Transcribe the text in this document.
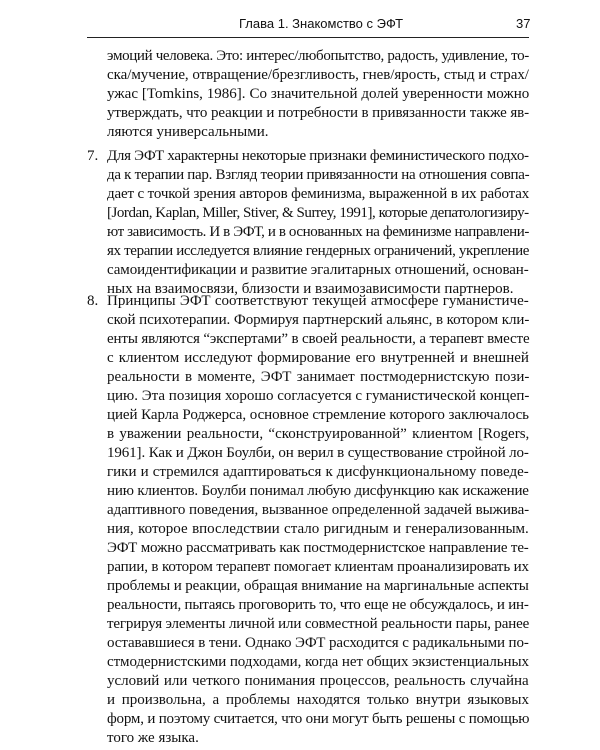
Глава 1. Знакомство с ЭФТ	37
эмоций человека. Это: интерес/любопытство, радость, удивление, то-
ска/мучение, отвращение/брезгливость, гнев/ярость, стыд и страх/
ужас [Tomkins, 1986]. Со значительной долей уверенности можно
утверждать, что реакции и потребности в привязанности также яв-
ляются универсальными.
7. Для ЭФТ характерны некоторые признаки феминистического подхо-
да к терапии пар. Взгляд теории привязанности на отношения совпа-
дает с точкой зрения авторов феминизма, выраженной в их работах
[Jordan, Kaplan, Miller, Stiver, & Surrey, 1991], которые депатологизиру-
ют зависимость. И в ЭФТ, и в основанных на феминизме направлени-
ях терапии исследуется влияние гендерных ограничений, укрепление
самоидентификации и развитие эгалитарных отношений, основан-
ных на взаимосвязи, близости и взаимозависимости партнеров.
8. Принципы ЭФТ соответствуют текущей атмосфере гуманистиче-
ской психотерапии. Формируя партнерский альянс, в котором кли-
енты являются “экспертами” в своей реальности, а терапевт вместе
с клиентом исследуют формирование его внутренней и внешней
реальности в моменте, ЭФТ занимает постмодернистскую пози-
цию. Эта позиция хорошо согласуется с гуманистической концеп-
цией Карла Роджерса, основное стремление которого заключалось
в уважении реальности, “сконструированной” клиентом [Rogers,
1961]. Как и Джон Боулби, он верил в существование стройной ло-
гики и стремился адаптироваться к дисфункциональному поведе-
нию клиентов. Боулби понимал любую дисфункцию как искажение
адаптивного поведения, вызванное определенной задачей выжива-
ния, которое впоследствии стало ригидным и генерализованным.
ЭФТ можно рассматривать как постмодернистское направление те-
рапии, в котором терапевт помогает клиентам проанализировать их
проблемы и реакции, обращая внимание на маргинальные аспекты
реальности, пытаясь проговорить то, что еще не обсуждалось, и ин-
тегрируя элементы личной или совместной реальности пары, ранее
остававшиеся в тени. Однако ЭФТ расходится с радикальными по-
стмодернистскими подходами, когда нет общих экзистенциальных
условий или четкого понимания процессов, реальность случайна
и произвольна, а проблемы находятся только внутри языковых
форм, и поэтому считается, что они могут быть решены с помощью
того же языка.
